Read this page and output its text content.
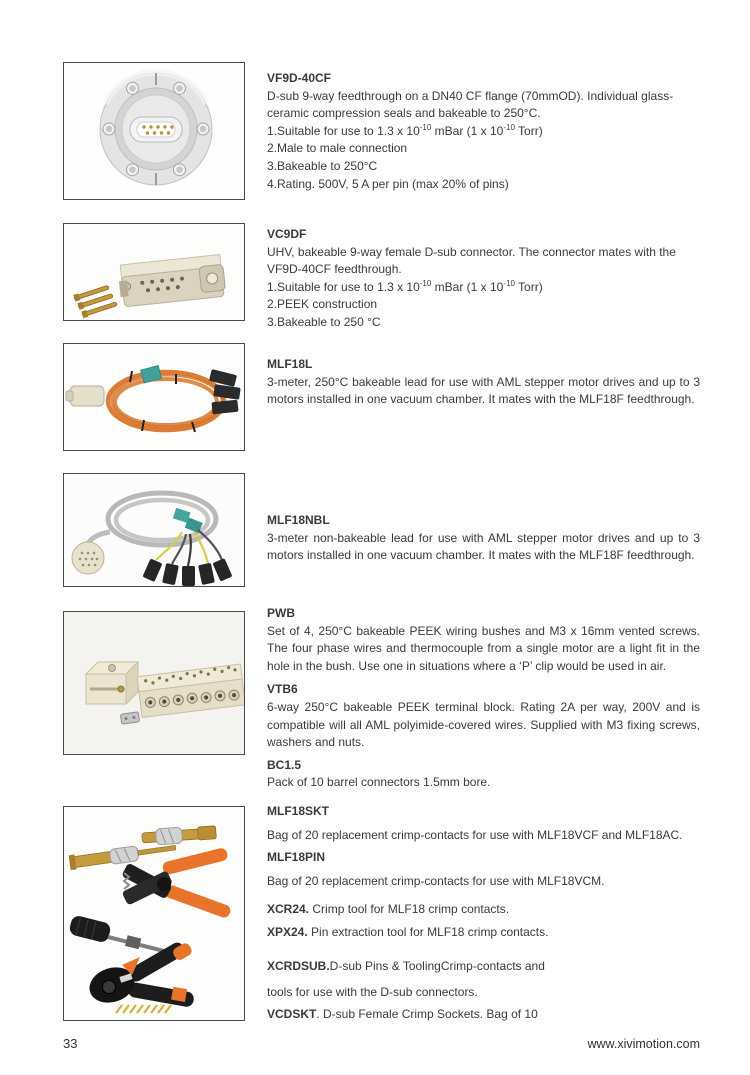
VF9D-40CF
D-sub 9-way feedthrough on a DN40 CF flange (70mmOD). Individual glass-ceramic compression seals and bakeable to 250°C.
1.Suitable for use to 1.3 x $10^{-10}$ mBar (1 x $10^{-10}$ Torr)
2.Male to male connection
3.Bakeable to 250°C
4.Rating. 500V, 5 A per pin (max 20% of pins)
VC9DF
UHV, bakeable 9-way female D-sub connector. The connector mates with the VF9D-40CF feedthrough.
1.Suitable for use to 1.3 x $10^{-10}$ mBar (1 x $10^{-10}$ Torr)
2.PEEK construction
3.Bakeable to 250 °C
MLF18L
3-meter, 250°C bakeable lead for use with AML stepper motor drives and up to 3 motors installed in one vacuum chamber. It mates with the MLF18F feedthrough.
MLF18NBL
3-meter non-bakeable lead for use with AML stepper motor drives and up to 3 motors installed in one vacuum chamber. It mates with the MLF18F feedthrough.
PWB
Set of 4, 250°C bakeable PEEK wiring bushes and M3 x 16mm vented screws. The four phase wires and thermocouple from a single motor are a light fit in the hole in the bush. Use one in situations where a ‘P’ clip would be used in air.
VTB6
6-way 250°C bakeable PEEK terminal block. Rating 2A per way, 200V and is compatible will all AML polyimide-covered wires. Supplied with M3 fixing screws, washers and nuts.
BC1.5
Pack of 10 barrel connectors 1.5mm bore.
MLF18SKT
Bag of 20 replacement crimp-contacts for use with MLF18VCF and MLF18AC.
MLF18PIN
Bag of 20 replacement crimp-contacts for use with MLF18VCM.
XCR24. Crimp tool for MLF18 crimp contacts.
XPX24. Pin extraction tool for MLF18 crimp contacts.
XCRDSUB.D-sub Pins & ToolingCrimp-contacts and
tools for use with the D-sub connectors.
VCDSKT. D-sub Female Crimp Sockets. Bag of 10
33	www.xivimotion.com
